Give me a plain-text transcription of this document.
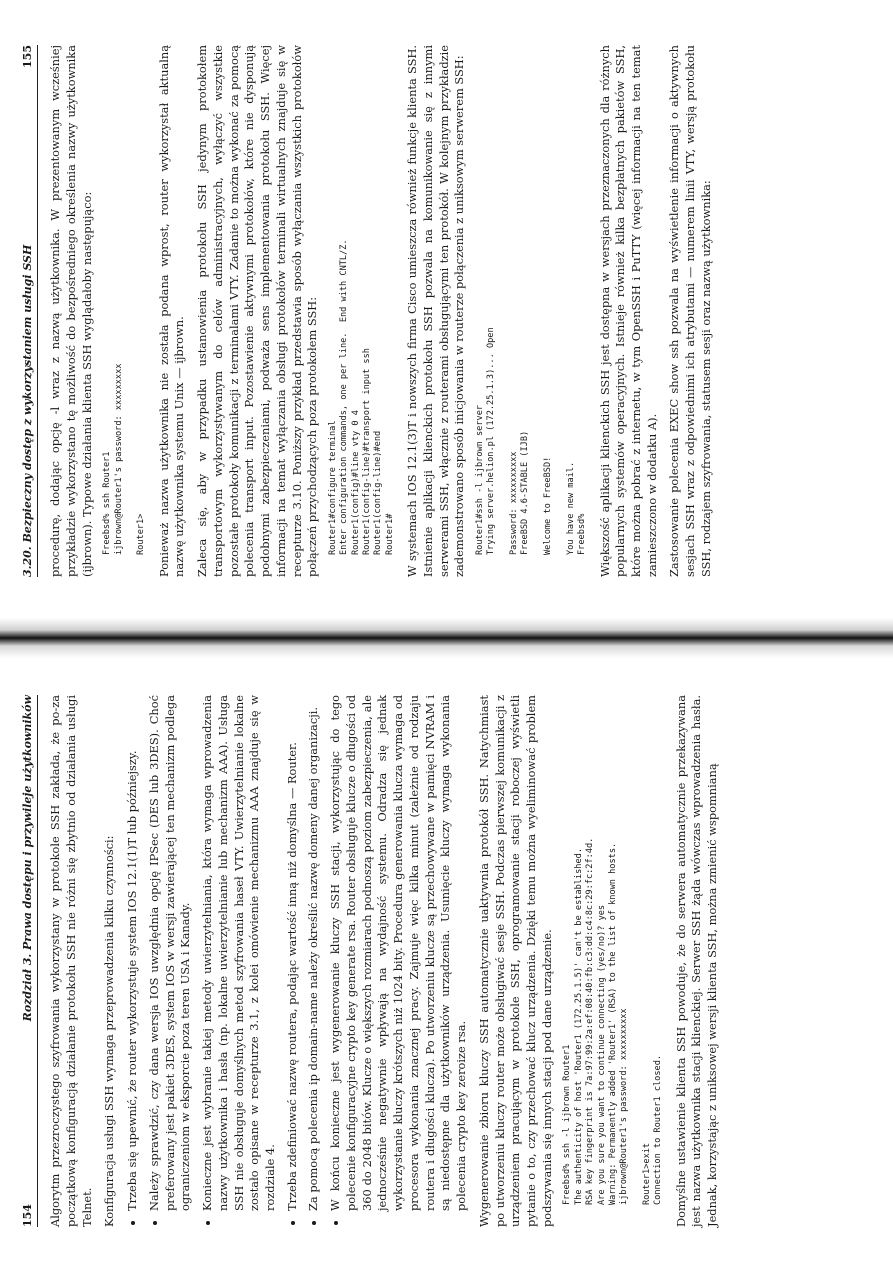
154
Rozdział 3. Prawa dostępu i przywileje użytkowników Algorytm przezroczystego szyfrowania wykorzystany w protokole SSH zakłada, że po-za początkową konfiguracją działanie protokołu SSH nie różni się zbytnio od działania usługi Telnet. Konfiguracja usługi SSH wymaga przeprowadzenia kilku czynności: • Trzeba się upewnić, że router wykorzystuje system IOS 12.1(1)T lub późniejszy. • Należy sprawdzić, czy dana wersja IOS uwzględnia opcję IPSec (DES lub 3DES). Choć preferowany jest pakiet 3DES, system IOS w wersji zawierającej ten mechanizm podlega ograniczeniom w eksporcie poza teren USA i Kanady. • Konieczne jest wybranie takiej metody uwierzytelniania, która wymaga wprowadzenia nazwy użytkownika i hasła (np. lokalne uwierzytelnianie lub mechanizm AAA). Usługa SSH nie obsługuje domyślnych metod szyfrowania haseł VTY. Uwierzytelnianie lokalne zostało opisane w recepturze 3.1, z kolei omówienie mechanizmu AAA znajduje się w rozdziale 4. • Trzeba zdefiniować nazwę routera, podając wartość inną niż domyślna — Router. • Za pomocą polecenia ip domain-name należy określić nazwę domeny danej organizacji. • W końcu konieczne jest wygenerowanie kluczy SSH stacji, wykorzystując do tego polecenie konfiguracyjne crypto key generate rsa. Router obsługuje klucze o długości od 360 do 2048 bitów. Klucze o większych rozmiarach podnoszą poziom zabezpieczenia, ale jednocześnie negatywnie wpływają na wydajność systemu. Odradza się jednak wykorzystanie kluczy krótszych niż 1024 bity. Procedura generowania klucza wymaga od procesora wykonania znacznej pracy. Zajmuje więc kilka minut (zależnie od rodzaju routera i długości klucza). Po utworzeniu klucze są przechowywane w pamięci NVRAM i są niedostępne dla użytkowników urządzenia. Usunięcie kluczy wymaga wykonania polecenia crypto key zeroize rsa. Wygenerowanie zbioru kluczy SSH automatycznie uaktywnia protokół SSH. Natychmiast po utworzeniu kluczy router może obsługiwać sesje SSH. Podczas pierwszej komunikacji z urządzeniem pracującym w protokole SSH, oprogramowanie stacji roboczej wyświetli pytanie o to, czy przechować klucz urządzenia. Dzięki temu można wyeliminować problem podszywania się innych stacji pod dane urządzenie. Freebsd% ssh -l ijbrown Router1
The authenticity of host 'Router1 (172.25.1.5)' can't be established.
RSA key fingerprint is 7a:97:99:2a:ef:08:40:fb:c3:dd:c4:8c:29:fc:2f:4d.
Are you sure you want to continue connecting (yes/no)? yes
Warning: Permanently added 'Router1' (RSA) to the list of known hosts.
ijbrown@Router1's password: xxxxxxxxxx

Router1>exit
Connection to Router1 closed. Domyślne ustawienie klienta SSH powoduje, że do serwera automatycznie przekazywana jest nazwa użytkownika stacji klienckiej. Serwer SSH żąda wówczas wprowadzenia hasła. Jednak, korzystając z uniksowej wersji klienta SSH, można zmienić wspomnianą

3.20. Bezpieczny dostęp z wykorzystaniem usługi SSH
155 procedurę, dodając opcję -l wraz z nazwą użytkownika. W prezentowanym wcześniej przykładzie wykorzystano tę możliwość do bezpośredniego określenia nazwy użytkownika (ijbrown). Typowe działania klienta SSH wyglądałoby następująco: Freebsd% ssh Router1
ijbrown@Router1's password: xxxxxxxxx

Router1> Ponieważ nazwa użytkownika nie została podana wprost, router wykorzystał aktualną nazwę użytkownika systemu Unix — ijbrown. Zaleca się, aby w przypadku ustanowienia protokołu SSH jedynym protokołem transportowym wykorzystywanym do celów administracyjnych, wyłączyć wszystkie pozostałe protokoły komunikacji z terminalami VTY. Zadanie to można wykonać za pomocą polecenia transport input. Pozostawienie aktywnymi protokołów, które nie dysponują podobnymi zabezpieczeniami, podważa sens implementowania protokołu SSH. Więcej informacji na temat wyłączania obsługi protokołów terminali wirtualnych znajduje się w recepturze 3.10. Poniższy przykład przedstawia sposób wyłączania wszystkich protokołów połączeń przychodzących poza protokołem SSH: Router1#configure terminal
Enter configuration commands, one per line.  End with CNTL/Z.
Router1(config)#line vty 0 4
Router1(config-line)#transport input ssh
Router1(config-line)#end
Router1# W systemach IOS 12.1(3)T i nowszych firma Cisco umieszcza również funkcje klienta SSH. Istnienie aplikacji klienckich protokołu SSH pozwala na komunikowanie się z innymi serwerami SSH, włącznie z routerami obsługującymi ten protokół. W kolejnym przykładzie zademonstrowano sposób inicjowania w routerze połączenia z uniksowym serwerem SSH: Router1#ssh -l ijbrown server
Trying server.helion.pl (172.25.1.3)... Open

Password: xxxxxxxxxx
FreeBSD 4.6-STABLE (IJB)

Welcome to FreeBSD!

You have new mail.
Freebsd% Większość aplikacji klienckich SSH jest dostępna w wersjach przeznaczonych dla różnych popularnych systemów operacyjnych. Istnieje również kilka bezpłatnych pakietów SSH, które można pobrać z internetu, w tym OpenSSH i PuTTY (więcej informacji na ten temat zamieszczono w dodatku A). Zastosowanie polecenia EXEC show ssh pozwala na wyświetlenie informacji o aktywnych sesjach SSH wraz z odpowiednimi ich atrybutami — numerem linii VTY, wersją protokołu SSH, rodzajem szyfrowania, statusem sesji oraz nazwą użytkownika:
